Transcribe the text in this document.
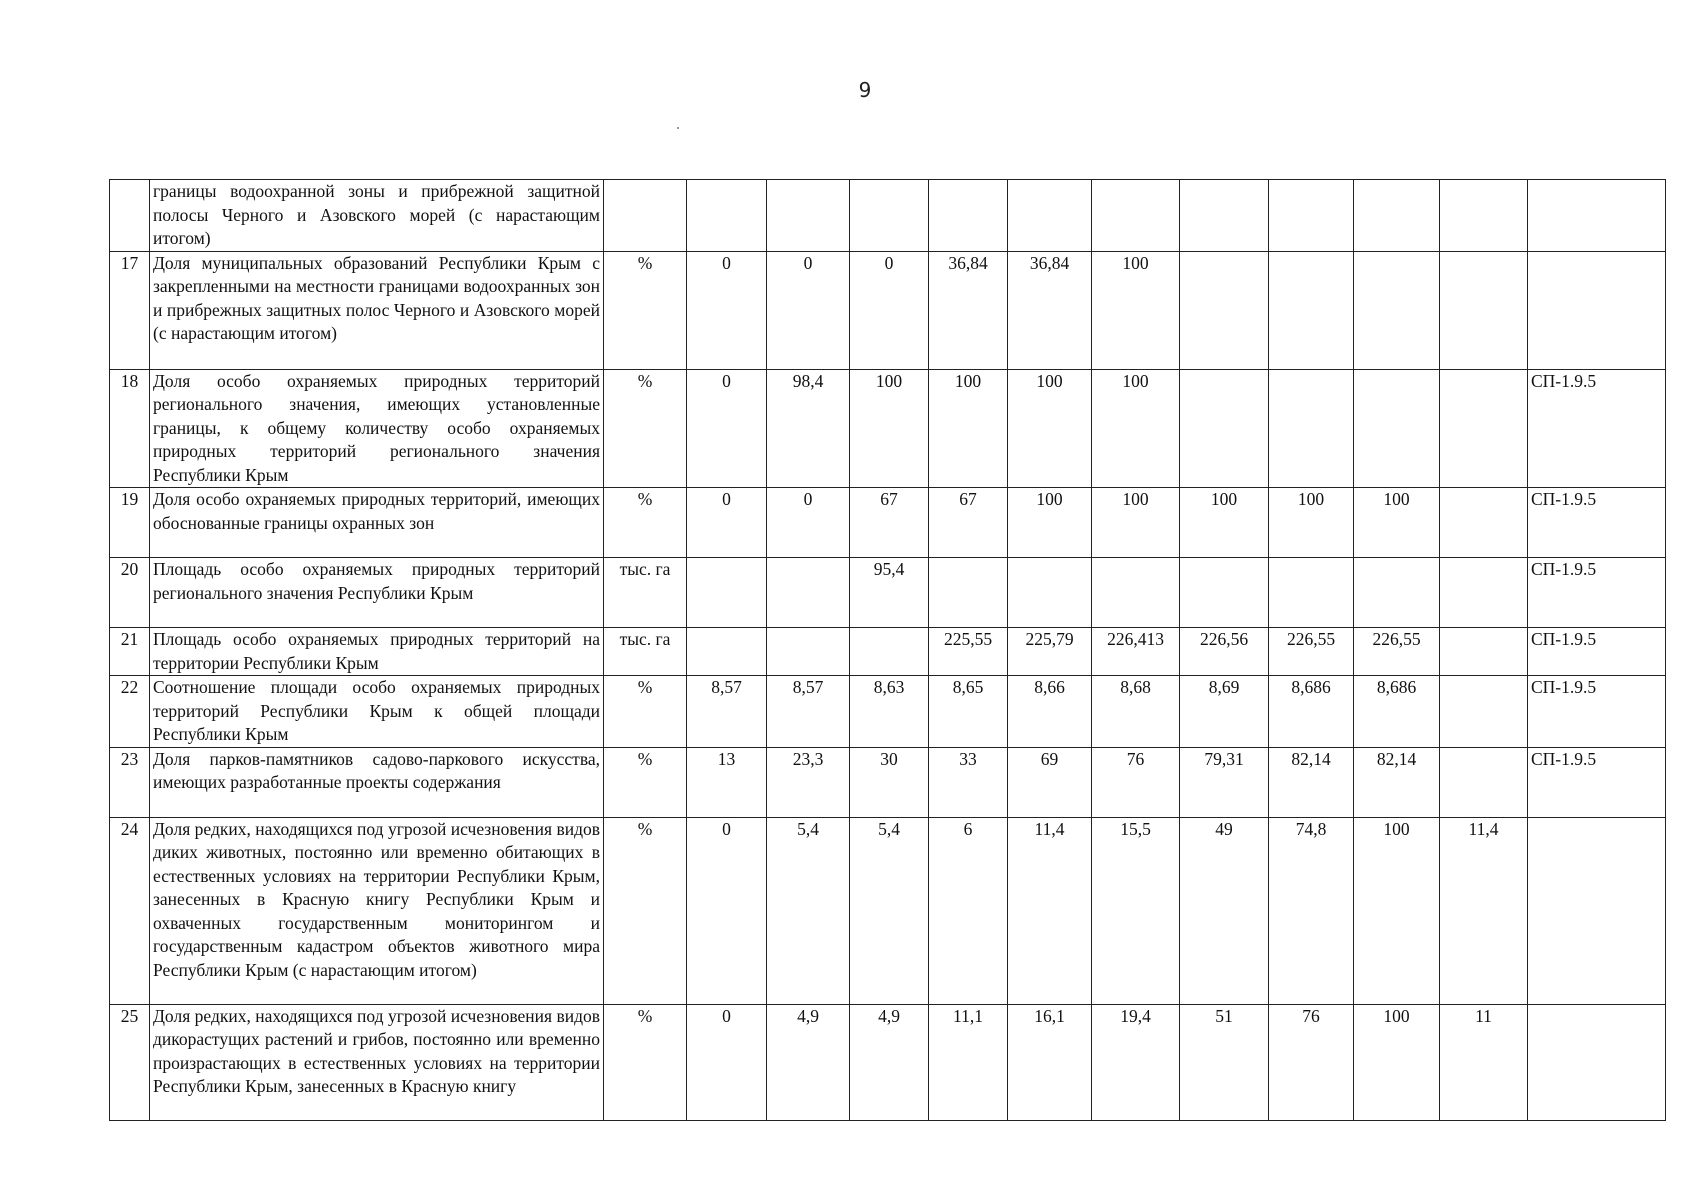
9
	границы водоохранной зоны и прибрежной защитной полосы Черного и Азовского морей (с нарастающим итогом)												
17	Доля муниципальных образований Республики Крым с закрепленными на местности границами водоохранных зон и прибрежных защитных полос Черного и Азовского морей (с нарастающим итогом)	%	0	0	0	36,84	36,84	100					
18	Доля особо охраняемых природных территорий регионального значения, имеющих установленные границы, к общему количеству особо охраняемых природных территорий регионального значения Республики Крым	%	0	98,4	100	100	100	100					СП-1.9.5
19	Доля особо охраняемых природных территорий, имеющих обоснованные границы охранных зон	%	0	0	67	67	100	100	100	100	100		СП-1.9.5
20	Площадь особо охраняемых природных территорий регионального значения Республики Крым	тыс. га			95,4								СП-1.9.5
21	Площадь особо охраняемых природных территорий на территории Республики Крым	тыс. га				225,55	225,79	226,413	226,56	226,55	226,55		СП-1.9.5
22	Соотношение площади особо охраняемых природных территорий Республики Крым к общей площади Республики Крым	%	8,57	8,57	8,63	8,65	8,66	8,68	8,69	8,686	8,686		СП-1.9.5
23	Доля парков-памятников садово-паркового искусства, имеющих разработанные проекты содержания	%	13	23,3	30	33	69	76	79,31	82,14	82,14		СП-1.9.5
24	Доля редких, находящихся под угрозой исчезновения видов диких животных, постоянно или временно обитающих в естественных условиях на территории Республики Крым, занесенных в Красную книгу Республики Крым и охваченных государственным мониторингом и государственным кадастром объектов животного мира Республики Крым (с нарастающим итогом)	%	0	5,4	5,4	6	11,4	15,5	49	74,8	100	11,4	
25	Доля редких, находящихся под угрозой исчезновения видов дикорастущих растений и грибов, постоянно или временно произрастающих в естественных условиях на территории Республики Крым, занесенных в Красную книгу	%	0	4,9	4,9	11,1	16,1	19,4	51	76	100	11	
